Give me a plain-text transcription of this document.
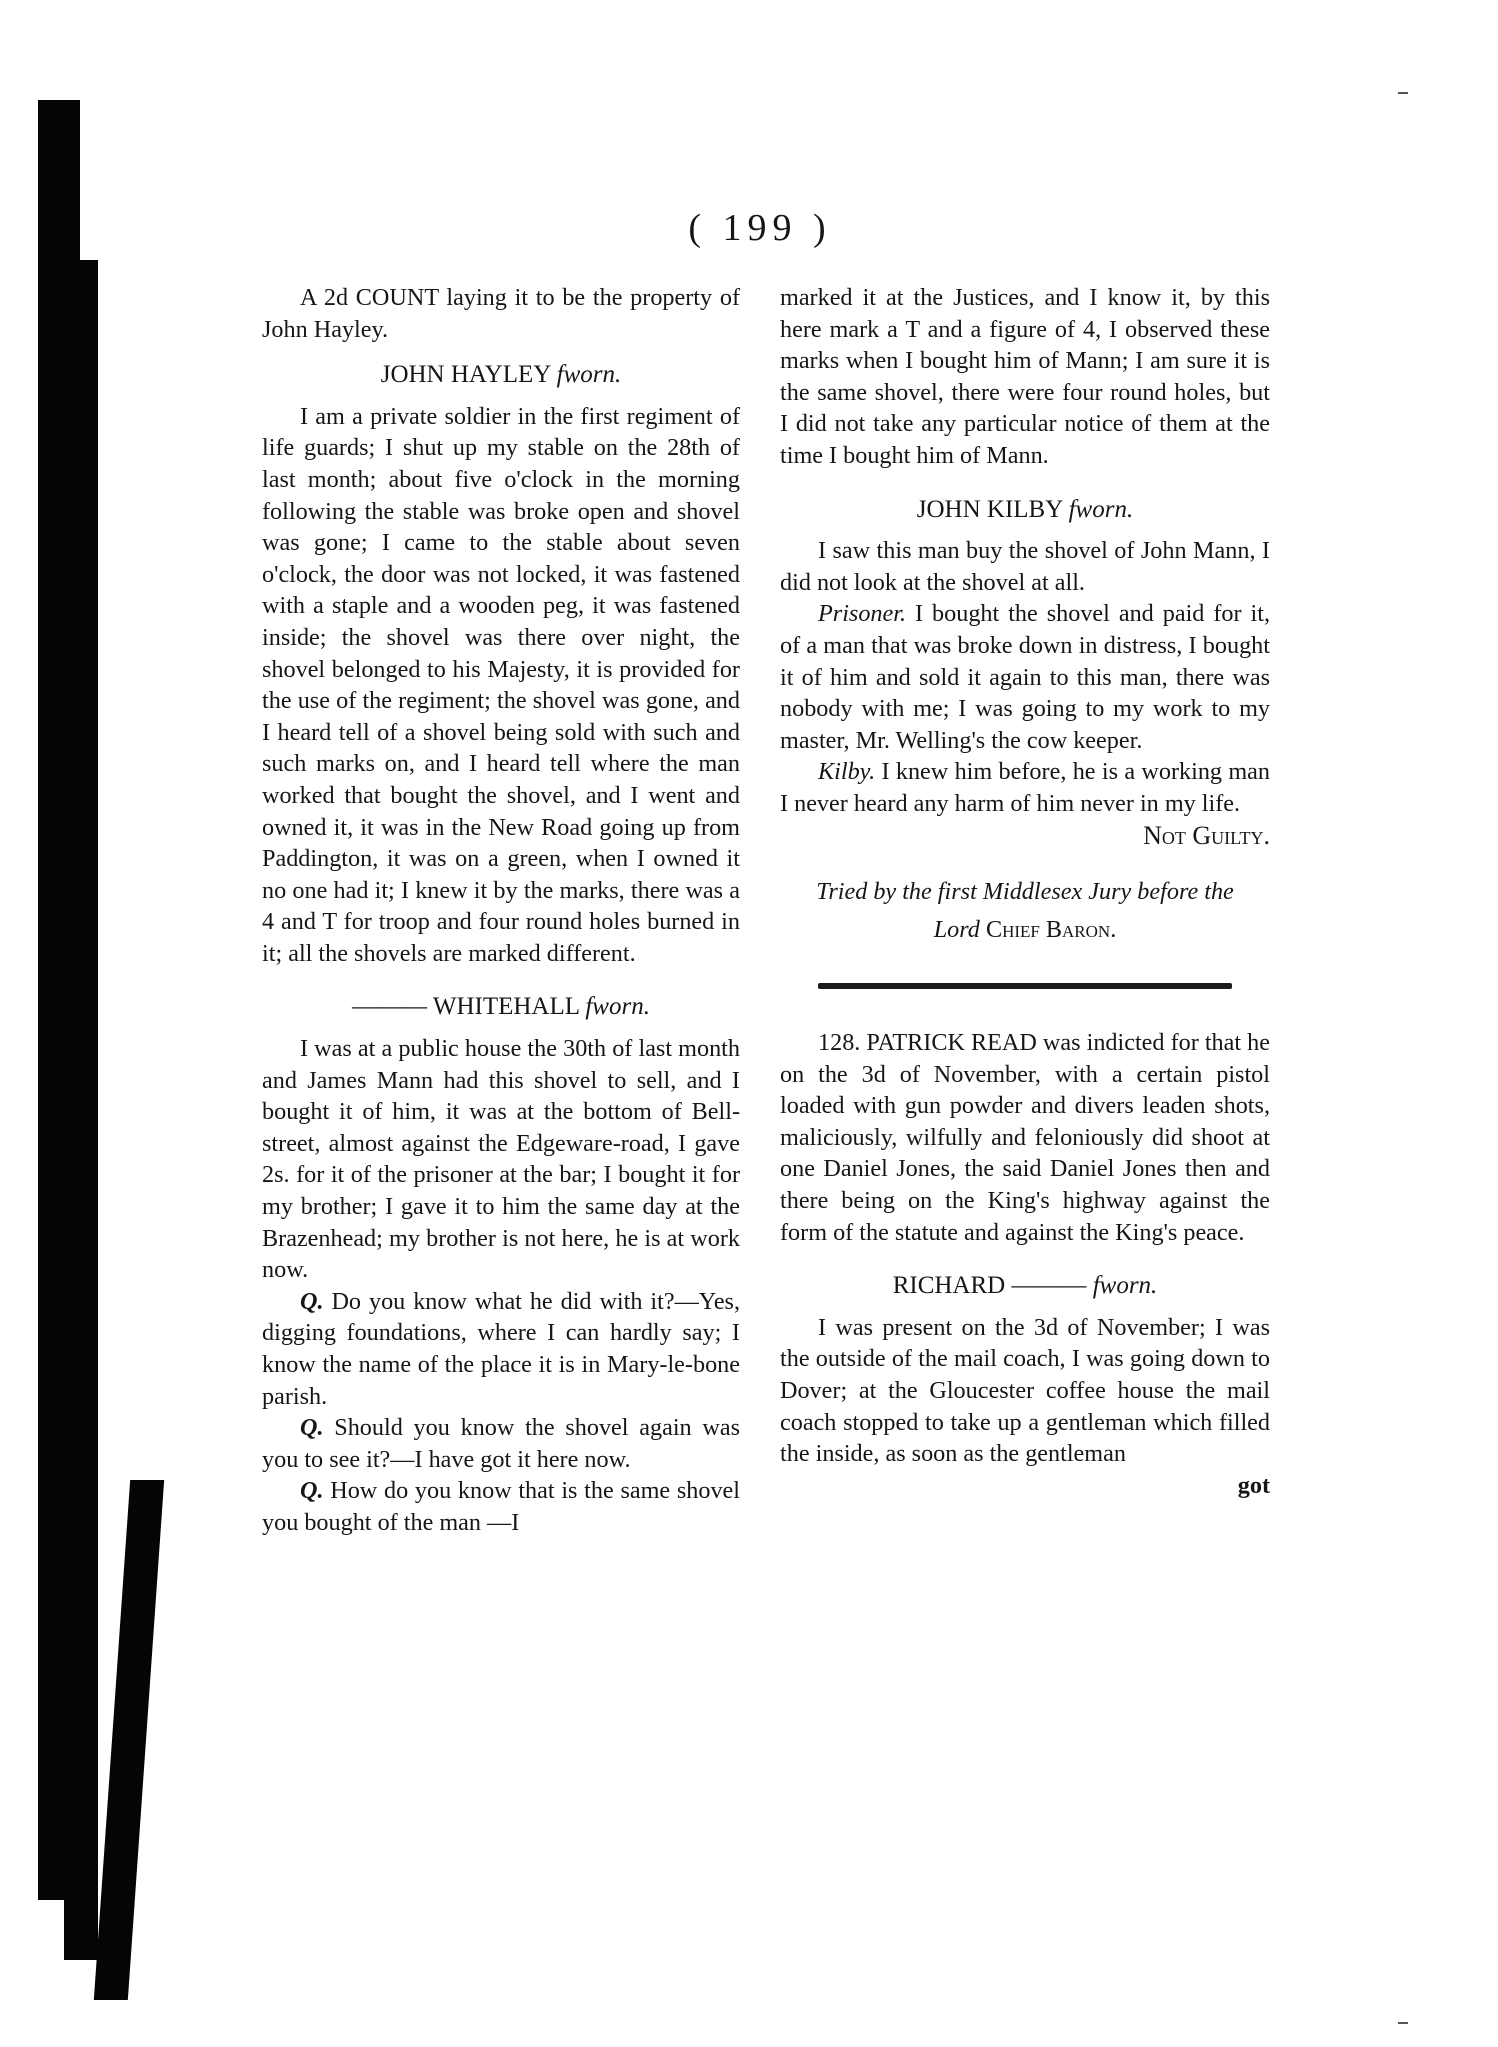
( 199 )

A 2d COUNT laying it to be the property of John Hayley.

JOHN HAYLEY fworn.

I am a private soldier in the first regiment of life guards; I shut up my stable on the 28th of last month; about five o'clock in the morning following the stable was broke open and shovel was gone; I came to the stable about seven o'clock, the door was not locked, it was fastened with a staple and a wooden peg, it was fastened inside; the shovel was there over night, the shovel belonged to his Majesty, it is provided for the use of the regiment; the shovel was gone, and I heard tell of a shovel being sold with such and such marks on, and I heard tell where the man worked that bought the shovel, and I went and owned it, it was in the New Road going up from Paddington, it was on a green, when I owned it no one had it; I knew it by the marks, there was a 4 and T for troop and four round holes burned in it; all the shovels are marked different.

——— WHITEHALL fworn.

I was at a public house the 30th of last month and James Mann had this shovel to sell, and I bought it of him, it was at the bottom of Bell-street, almost against the Edgeware-road, I gave 2s. for it of the prisoner at the bar; I bought it for my brother; I gave it to him the same day at the Brazenhead; my brother is not here, he is at work now.

Q. Do you know what he did with it?—Yes, digging foundations, where I can hardly say; I know the name of the place it is in Mary-le-bone parish.

Q. Should you know the shovel again was you to see it?—I have got it here now.

Q. How do you know that is the same shovel you bought of the man —I

marked it at the Justices, and I know it, by this here mark a T and a figure of 4, I observed these marks when I bought him of Mann; I am sure it is the same shovel, there were four round holes, but I did not take any particular notice of them at the time I bought him of Mann.

JOHN KILBY fworn.

I saw this man buy the shovel of John Mann, I did not look at the shovel at all.

Prisoner. I bought the shovel and paid for it, of a man that was broke down in distress, I bought it of him and sold it again to this man, there was nobody with me; I was going to my work to my master, Mr. Welling's the cow keeper.

Kilby. I knew him before, he is a working man I never heard any harm of him never in my life.

Not Guilty.

Tried by the first Middlesex Jury before the
Lord Chief Baron.

128. PATRICK READ was indicted for that he on the 3d of November, with a certain pistol loaded with gun powder and divers leaden shots, maliciously, wilfully and feloniously did shoot at one Daniel Jones, the said Daniel Jones then and there being on the King's highway against the form of the statute and against the King's peace.

RICHARD ——— fworn.

I was present on the 3d of November; I was the outside of the mail coach, I was going down to Dover; at the Gloucester coffee house the mail coach stopped to take up a gentleman which filled the inside, as soon as the gentleman

got
